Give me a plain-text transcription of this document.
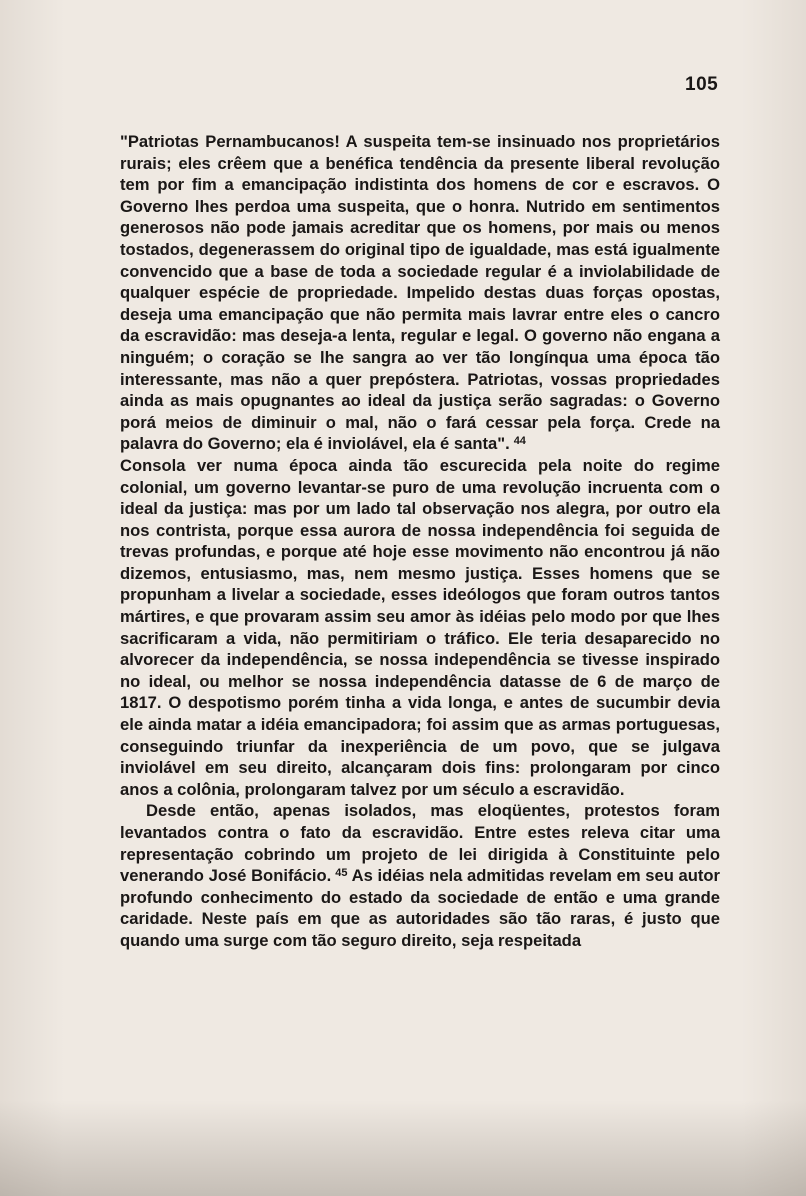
105

"Patriotas Pernambucanos! A suspeita tem-se insinuado nos proprietários rurais; eles crêem que a benéfica tendência da presente liberal revolução tem por fim a emancipação indistinta dos homens de cor e escravos. O Governo lhes perdoa uma suspeita, que o honra. Nutrido em sentimentos generosos não pode jamais acreditar que os homens, por mais ou menos tostados, degenerassem do original tipo de igualdade, mas está igualmente convencido que a base de toda a sociedade regular é a inviolabilidade de qualquer espécie de propriedade. Impelido destas duas forças opostas, deseja uma emancipação que não permita mais lavrar entre eles o cancro da escravidão: mas deseja-a lenta, regular e legal. O governo não engana a ninguém; o coração se lhe sangra ao ver tão longínqua uma época tão interessante, mas não a quer prepóstera. Patriotas, vossas propriedades ainda as mais opugnantes ao ideal da justiça serão sagradas: o Governo porá meios de diminuir o mal, não o fará cessar pela força. Crede na palavra do Governo; ela é inviolável, ela é santa". $^{44}$

Consola ver numa época ainda tão escurecida pela noite do regime colonial, um governo levantar-se puro de uma revolução incruenta com o ideal da justiça: mas por um lado tal observação nos alegra, por outro ela nos contrista, porque essa aurora de nossa independência foi seguida de trevas profundas, e porque até hoje esse movimento não encontrou já não dizemos, entusiasmo, mas, nem mesmo justiça. Esses homens que se propunham a livelar a sociedade, esses ideólogos que foram outros tantos mártires, e que provaram assim seu amor às idéias pelo modo por que lhes sacrificaram a vida, não permitiriam o tráfico. Ele teria desaparecido no alvorecer da independência, se nossa independência se tivesse inspirado no ideal, ou melhor se nossa independência datasse de 6 de março de 1817. O despotismo porém tinha a vida longa, e antes de sucumbir devia ele ainda matar a idéia emancipadora; foi assim que as armas portuguesas, conseguindo triunfar da inexperiência de um povo, que se julgava inviolável em seu direito, alcançaram dois fins: prolongaram por cinco anos a colônia, prolongaram talvez por um século a escravidão.

Desde então, apenas isolados, mas eloqüentes, protestos foram levantados contra o fato da escravidão. Entre estes releva citar uma representação cobrindo um projeto de lei dirigida à Constituinte pelo venerando José Bonifácio. $^{45}$ As idéias nela admitidas revelam em seu autor profundo conhecimento do estado da sociedade de então e uma grande caridade. Neste país em que as autoridades são tão raras, é justo que quando uma surge com tão seguro direito, seja respeitada
